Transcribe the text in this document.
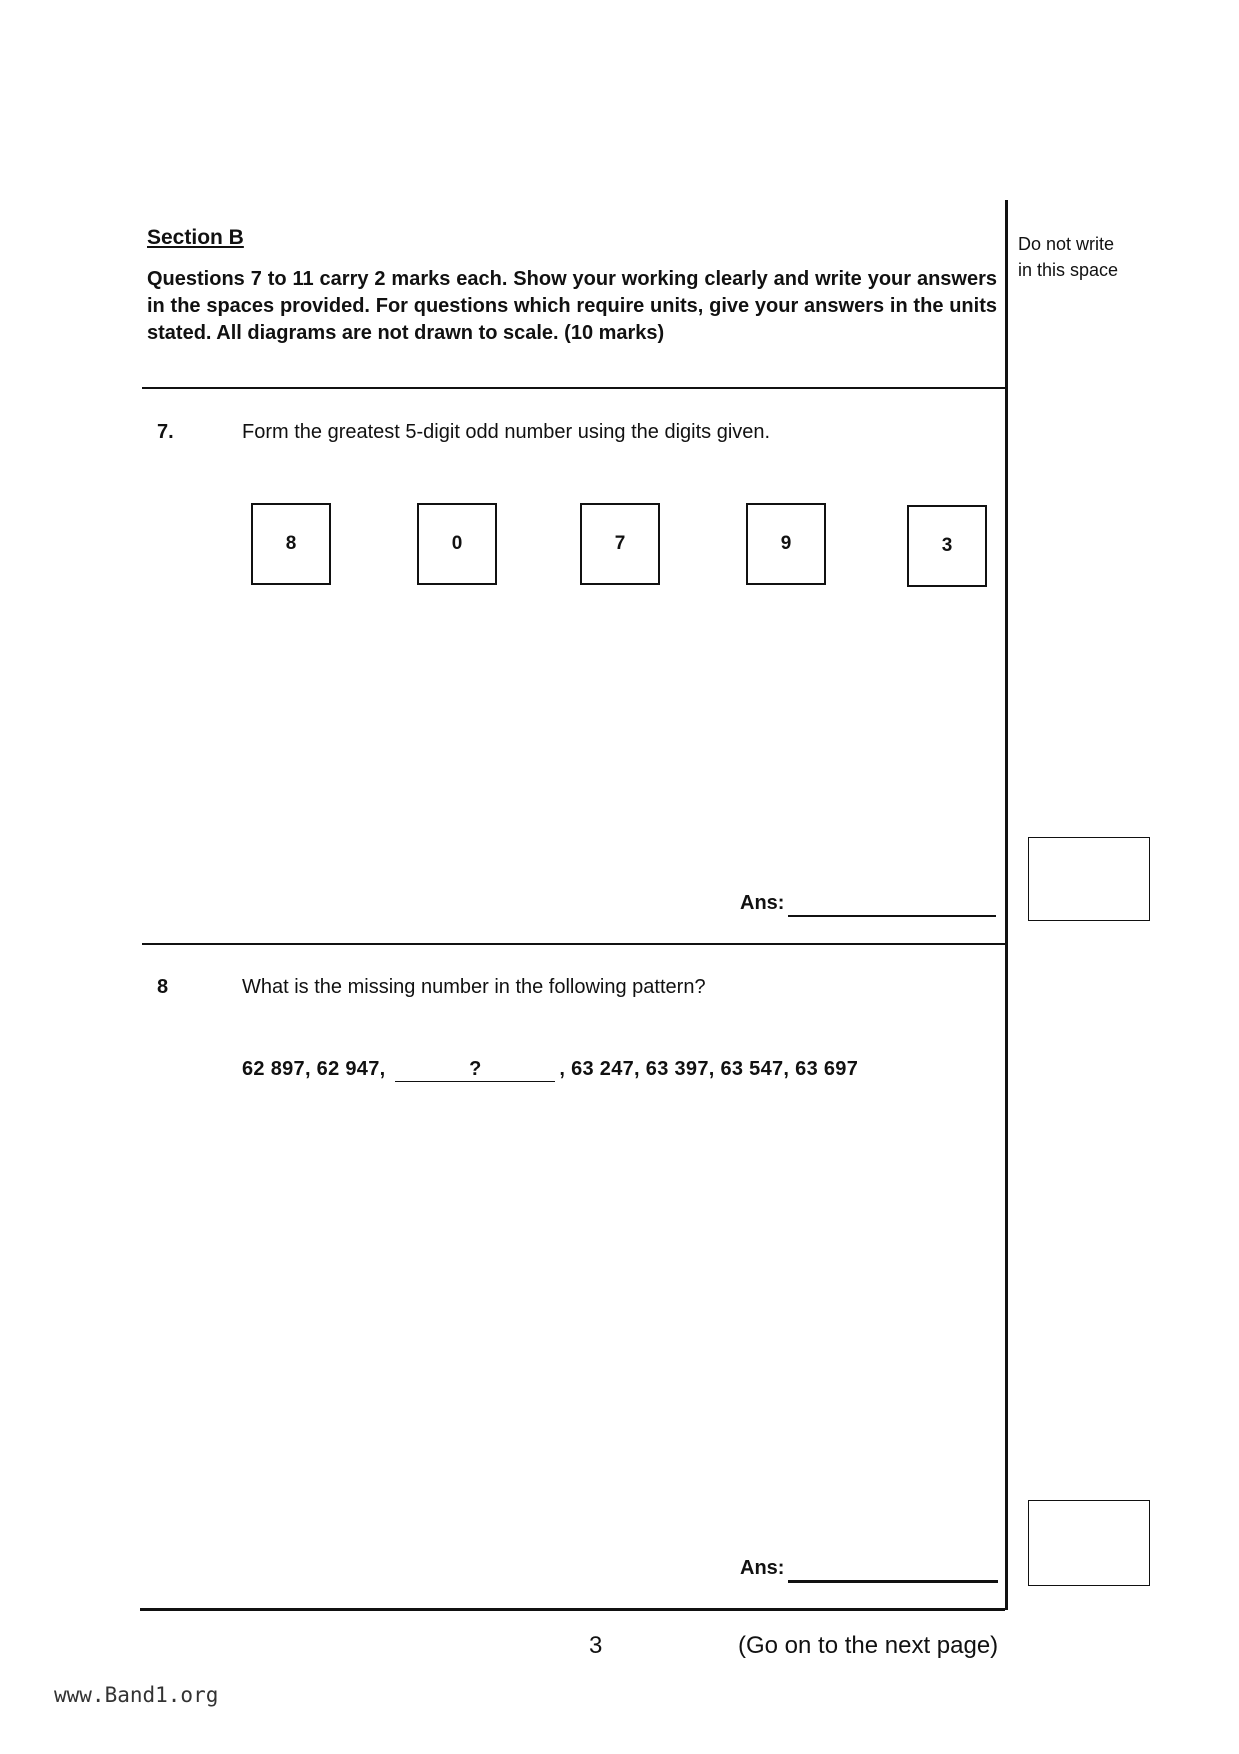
Section B
Questions 7 to 11 carry 2 marks each. Show your working clearly and write your answers in the spaces provided. For questions which require units, give your answers in the units stated. All diagrams are not drawn to scale. (10 marks)
Do not write
in this space
7.	Form the greatest 5-digit odd number using the digits given.
8	0	7	9	3
Ans:
8	What is the missing number in the following pattern?
62 897, 62 947,	?	, 63 247, 63 397, 63 547, 63 697
Ans:
3	(Go on to the next page)
www.Band1.org
